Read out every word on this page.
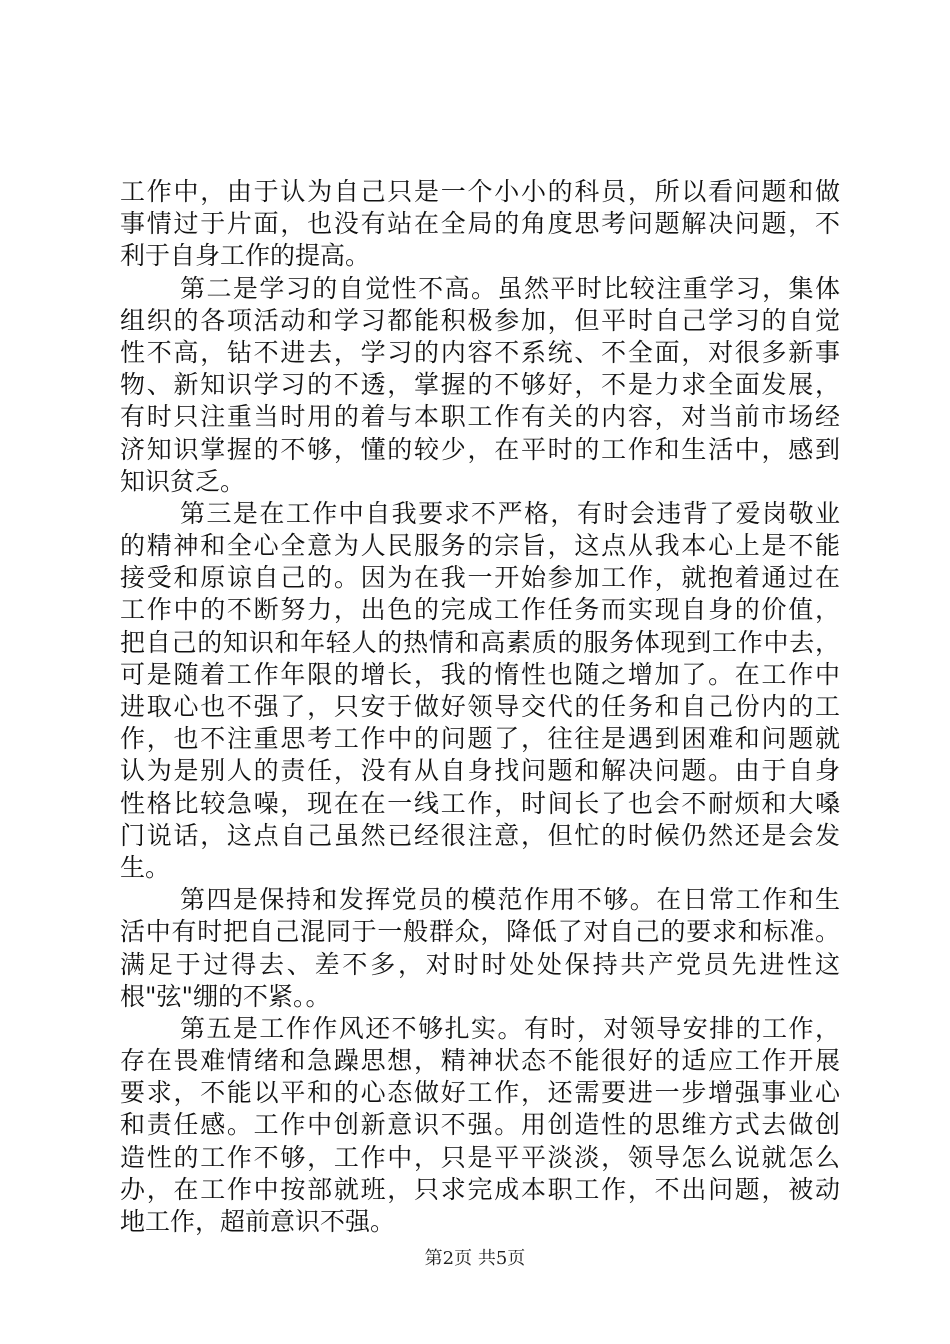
工作中，由于认为自己只是一个小小的科员，所以看问题和做
事情过于片面，也没有站在全局的角度思考问题解决问题，不
利于自身工作的提高。
第二是学习的自觉性不高。虽然平时比较注重学习，集体
组织的各项活动和学习都能积极参加，但平时自己学习的自觉
性不高，钻不进去，学习的内容不系统、不全面，对很多新事
物、新知识学习的不透，掌握的不够好，不是力求全面发展，
有时只注重当时用的着与本职工作有关的内容，对当前市场经
济知识掌握的不够，懂的较少，在平时的工作和生活中，感到
知识贫乏。
第三是在工作中自我要求不严格，有时会违背了爱岗敬业
的精神和全心全意为人民服务的宗旨，这点从我本心上是不能
接受和原谅自己的。因为在我一开始参加工作，就抱着通过在
工作中的不断努力，出色的完成工作任务而实现自身的价值，
把自己的知识和年轻人的热情和高素质的服务体现到工作中去，
可是随着工作年限的增长，我的惰性也随之增加了。在工作中
进取心也不强了，只安于做好领导交代的任务和自己份内的工
作，也不注重思考工作中的问题了，往往是遇到困难和问题就
认为是别人的责任，没有从自身找问题和解决问题。由于自身
性格比较急噪，现在在一线工作，时间长了也会不耐烦和大嗓
门说话，这点自己虽然已经很注意，但忙的时候仍然还是会发
生。
第四是保持和发挥党员的模范作用不够。在日常工作和生
活中有时把自己混同于一般群众，降低了对自己的要求和标准。
满足于过得去、差不多，对时时处处保持共产党员先进性这
根"弦"绷的不紧。。
第五是工作作风还不够扎实。有时，对领导安排的工作，
存在畏难情绪和急躁思想，精神状态不能很好的适应工作开展
要求，不能以平和的心态做好工作，还需要进一步增强事业心
和责任感。工作中创新意识不强。用创造性的思维方式去做创
造性的工作不够，工作中，只是平平淡淡，领导怎么说就怎么
办，在工作中按部就班，只求完成本职工作，不出问题，被动
地工作，超前意识不强。
第2页 共5页
